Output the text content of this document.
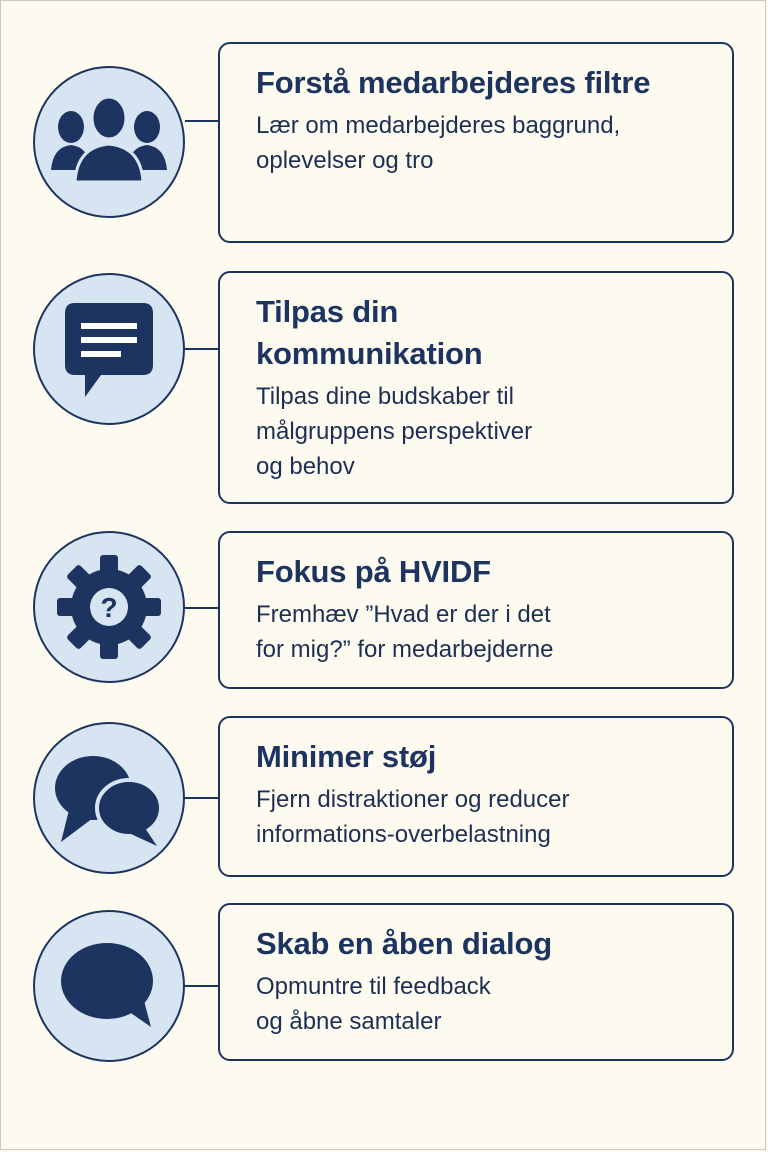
Forstå medarbejderes filtre
Lær om medarbejderes baggrund,
oplevelser og tro
Tilpas din
kommunikation
Tilpas dine budskaber til
målgruppens perspektiver
og behov
?
Fokus på HVIDF
Fremhæv ”Hvad er der i det
for mig?” for medarbejderne
Minimer støj
Fjern distraktioner og reducer
informations-overbelastning
Skab en åben dialog
Opmuntre til feedback
og åbne samtaler
